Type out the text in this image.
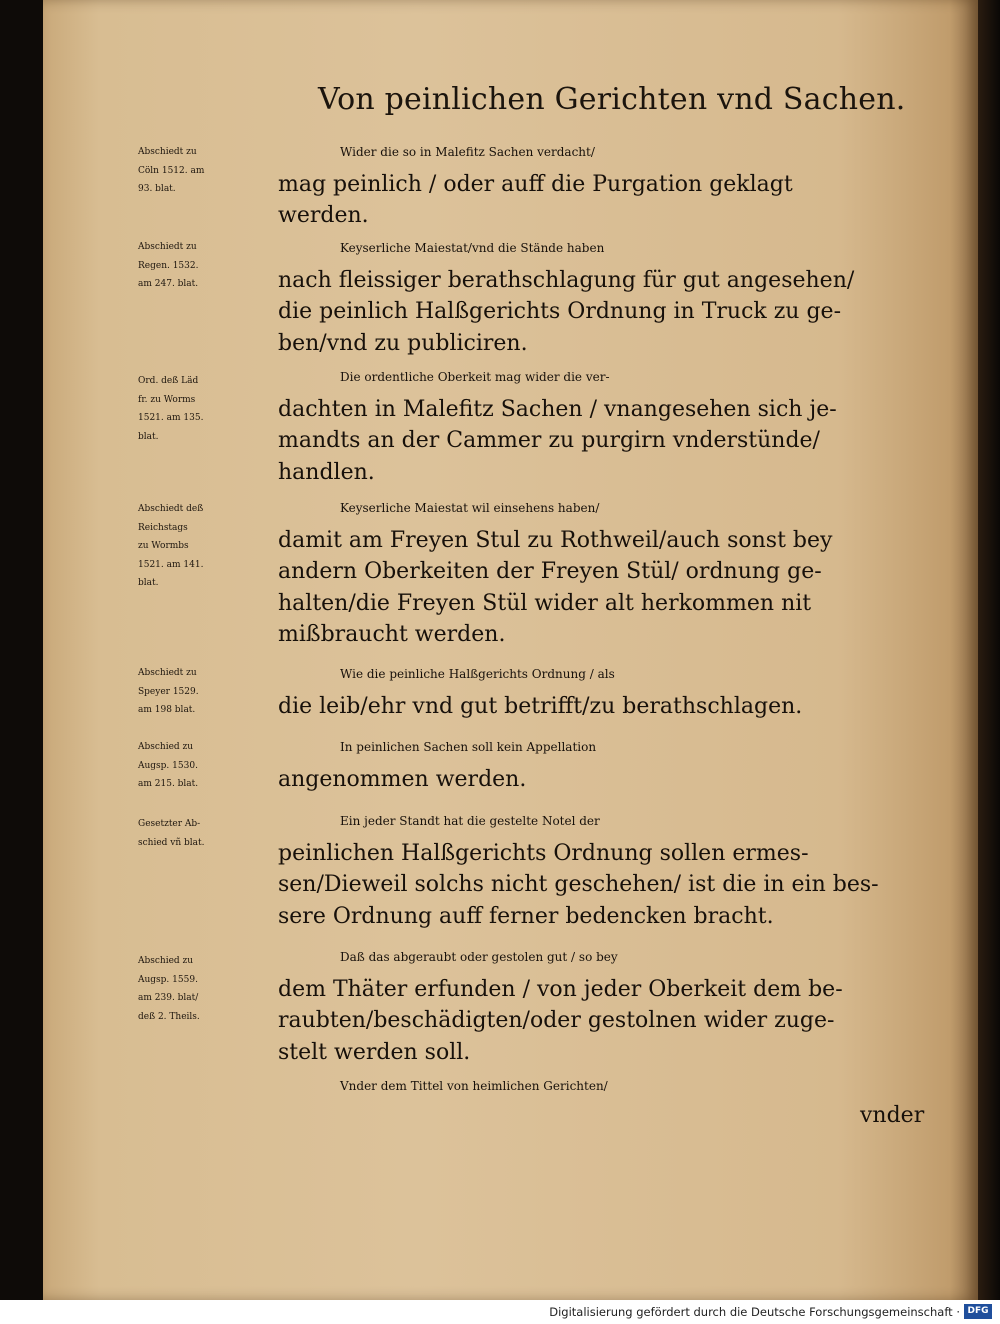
Von peinlichen Gerichten vnd Sachen.
Abschiedt zu
Cöln 1512. am
93. blat.
Wider die so in Malefitz Sachen verdacht/
mag peinlich / oder auff die Purgation geklagt
werden.
Abschiedt zu
Regen. 1532.
am 247. blat.
Keyserliche Maiestat/vnd die Stände haben
nach fleissiger berathschlagung für gut angesehen/
die peinlich Halßgerichts Ordnung in Truck zu ge-
ben/vnd zu publiciren.
Ord. deß Läd
fr. zu Worms
1521. am 135.
blat.
Die ordentliche Oberkeit mag wider die ver-
dachten in Malefitz Sachen / vnangesehen sich je-
mandts an der Cammer zu purgirn vnderstünde/
handlen.
Abschiedt deß
Reichstags
zu Wormbs
1521. am 141.
blat.
Keyserliche Maiestat wil einsehens haben/
damit am Freyen Stul zu Rothweil/auch sonst bey
andern Oberkeiten der Freyen Stül/ ordnung ge-
halten/die Freyen Stül wider alt herkommen nit
mißbraucht werden.
Abschiedt zu
Speyer 1529.
am 198 blat.
Wie die peinliche Halßgerichts Ordnung / als
die leib/ehr vnd gut betrifft/zu berathschlagen.
Abschied zu
Augsp. 1530.
am 215. blat.
In peinlichen Sachen soll kein Appellation
angenommen werden.
Gesetzter Ab-
schied vñ blat.
Ein jeder Standt hat die gestelte Notel der
peinlichen Halßgerichts Ordnung sollen ermes-
sen/Dieweil solchs nicht geschehen/ ist die in ein bes-
sere Ordnung auff ferner bedencken bracht.
Abschied zu
Augsp. 1559.
am 239. blat/
deß 2. Theils.
Daß das abgeraubt oder gestolen gut / so bey
dem Thäter erfunden / von jeder Oberkeit dem be-
raubten/beschädigten/oder gestolnen wider zuge-
stelt werden soll.
Vnder dem Tittel von heimlichen Gerichten/
vnder
Digitalisierung gefördert durch die Deutsche Forschungsgemeinschaft · DFG
